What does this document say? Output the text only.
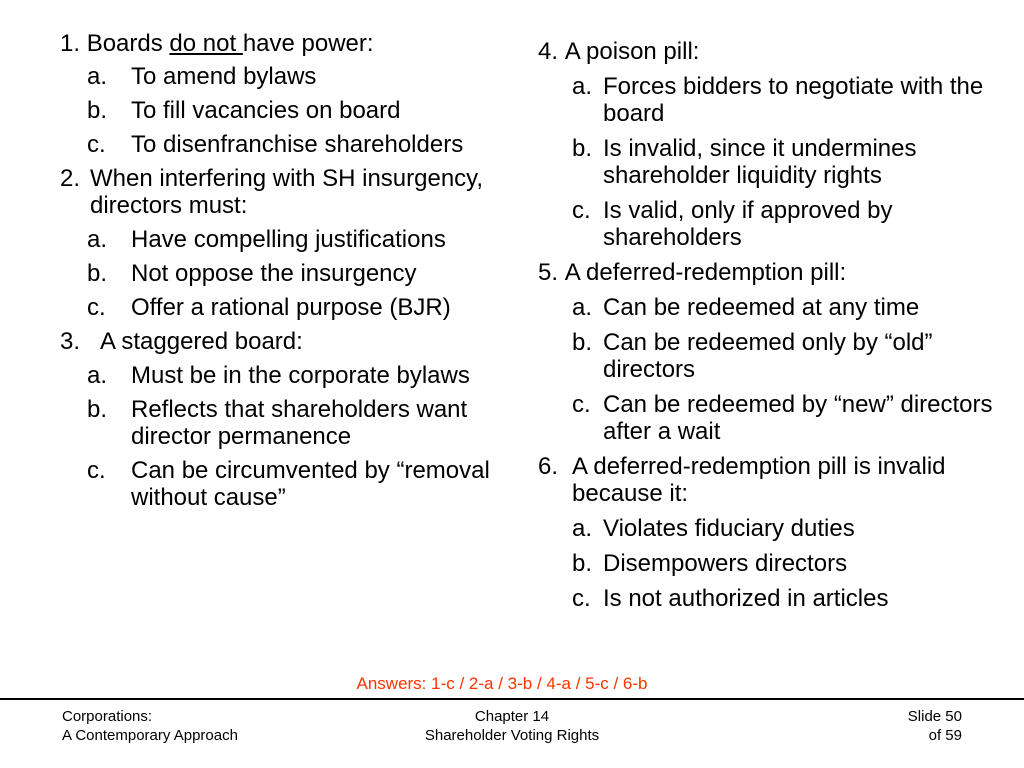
1. Boards do not have power:
a. To amend bylaws
b. To fill vacancies on board
c.	To disenfranchise shareholders
2. When interfering with SH insurgency, directors must:
a. Have compelling justifications
b. Not oppose the insurgency
c.	Offer a rational purpose (BJR)
3. A staggered board:
a. Must be in the corporate bylaws
b. Reflects that shareholders want director permanence
c.	Can be circumvented by “removal without cause”
4. A poison pill:
a. Forces bidders to negotiate with the board
b. Is invalid, since it undermines shareholder liquidity rights
c. Is valid, only if approved by shareholders
5. A deferred-redemption pill:
a. Can be redeemed at any time
b. Can be redeemed only by “old” directors
c. Can be redeemed by “new” directors after a wait
6. A deferred-redemption pill is invalid because it:
a. Violates fiduciary duties
b. Disempowers directors
c. Is not authorized in articles
Answers: 1-c / 2-a / 3-b / 4-a / 5-c / 6-b
Corporations:
A Contemporary Approach
Chapter 14
Shareholder Voting Rights
Slide 50
of 59
